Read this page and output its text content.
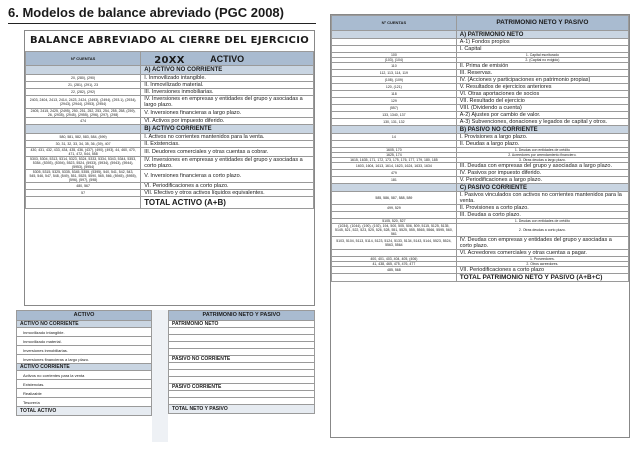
6. Modelos de balance abreviado (PGC 2008)
BALANCE ABREVIADO AL CIERRE DEL EJERCICIO 20XX
Nº CUENTAS	ACTIVO
	A) ACTIVO NO CORRIENTE
20, (280), (290)	I. Inmovilizado intangible.
21, (281), (291), 23	II. Inmovilizado material.
22, (282), (292)	III. Inversiones inmobiliarias.
2403, 2404, 2413, 2414, 2423, 2424, (2493), (2494), (293.1), (2934), (2943), (2944), (2953), (2954)	IV. Inversiones en empresas y entidades del grupo y asociadas a largo plazo.
2405, 2415, 2425, (2495), 250, 251, 252, 253, 254, 255, 258, (259), 26, (2935), (2945), (2955), (296), (297), (298)	V. Inversiones financieras a largo plazo.
474	VI. Activos por impuesto diferido.
	B) ACTIVO CORRIENTE
580, 581, 582, 583, 584, (599)	I. Activos no corrientes mantenidos para la venta.
30, 31, 32, 33, 34, 35, 36, (39), 407	II. Existencias.
430, 431, 432, 433, 434, 435, 436, (437), (490), (493), 44, 460, 470, 471, 472, 544, 558	III. Deudores comerciales y otras cuentas a cobrar.
5303, 5304, 5313, 5314, 5323, 5324, 5333, 5334, 5343, 5344, 5353, 5354, (5393), (5394), 5523, 5524, (5933), (5934), (5943), (5944), (5953), (5954)	IV. Inversiones en empresas y entidades del grupo y asociadas a corto plazo.
5305, 5315, 5325, 5335, 5345, 5355, (5395), 540, 541, 542, 543, 545, 546, 547, 548, (549), 551, 5525, 5590, 565, 566, (5945), (5955), (596), (597), (598)	V. Inversiones financieras a corto plazo.
480, 567	VI. Periodificaciones a corto plazo.
57	VII. Efectivo y otros activos líquidos equivalentes.
	TOTAL ACTIVO (A+B)
Nº CUENTAS	PATRIMONIO NETO Y PASIVO
	A) PATRIMONIO NETO
	A-1) Fondos propios
	I. Capital
100	1. Capital escriturado
(103), (104)	2. (Capital no exigido)
110	II. Prima de emisión
112, 113, 114, 119	III. Reservas.
(108), (109)	IV. (Acciones y participaciones en patrimonio propias)
120, (121)	V. Resultados de ejercicios anteriores
118	VI. Otras aportaciones de socios
129	VII. Resultado del ejercicio
(557)	VIII. (Dividendo a cuenta)
133, 1340, 137	A-2) Ajustes por cambio de valor.
130, 131, 132	A-3) Subvenciones, donaciones y legados de capital y otros.
	B) PASIVO NO CORRIENTE
14	I. Provisiones a largo plazo.
	II. Deudas a largo plazo.
1605, 170	1. Deudas con entidades de crédito
1625, 174	2. Acreedores por arrendamiento financiero.
1615, 1635, 171, 172, 173, 175, 176, 177, 179, 180, 185	3. Otras deudas a largo plazo.
1603, 1604, 1613, 1614, 1623, 1624, 1633, 1634	III. Deudas con empresas del grupo y asociadas a largo plazo.
479	IV. Pasivos por impuesto diferido.
181	V. Periodificaciones a largo plazo.
	C) PASIVO CORRIENTE
585, 586, 587, 588, 589	I. Pasivos vinculados con activos no corrientes mantenidos para la venta.
499, 529	II. Provisiones a corto plazo.
	III. Deudas a corto plazo.
5105, 520, 527	1. Deudas con entidades de crédito
(1034), (1044), (190), (192), 194, 500, 505, 506, 509, 5115, 5125, 5135, 5145, 521, 522, 523, 525, 526, 528, 551, 5525, 555, 5565, 5566, 5595, 560, 561	2. Otras deudas a corto plazo.
5103, 5104, 5113, 5114, 5123, 5124, 5133, 5134, 5143, 5144, 5523, 5524, 5563, 5564	IV. Deudas con empresas y entidades del grupo y asociadas a corto plazo.
	VI. Acreedores comerciales y otras cuentas a pagar.
400, 401, 403, 404, 405, (406)	1. Proveedores.
41, 438, 465, 475, 476, 477	2. Otros acreedores.
485, 568	VII. Periodificaciones a corto plazo
	TOTAL PATRIMONIO NETO Y PASIVO (A+B+C)
ACTIVO
ACTIVO NO CORRIENTE
Inmovilizado intangible.
Inmovilizado material.
Inversiones inmobiliarias.
Inversiones financieras a largo plazo.
ACTIVO CORRIENTE
Activos no corrientes para la venta
Existencias.
Realizable
Tesorería
TOTAL ACTIVO
PATRIMONIO NETO Y PASIVO
PATRIMONIO NETO

PASIVO NO CORRIENTE

PASIVO CORRIENTE

TOTAL NETO Y PASIVO
